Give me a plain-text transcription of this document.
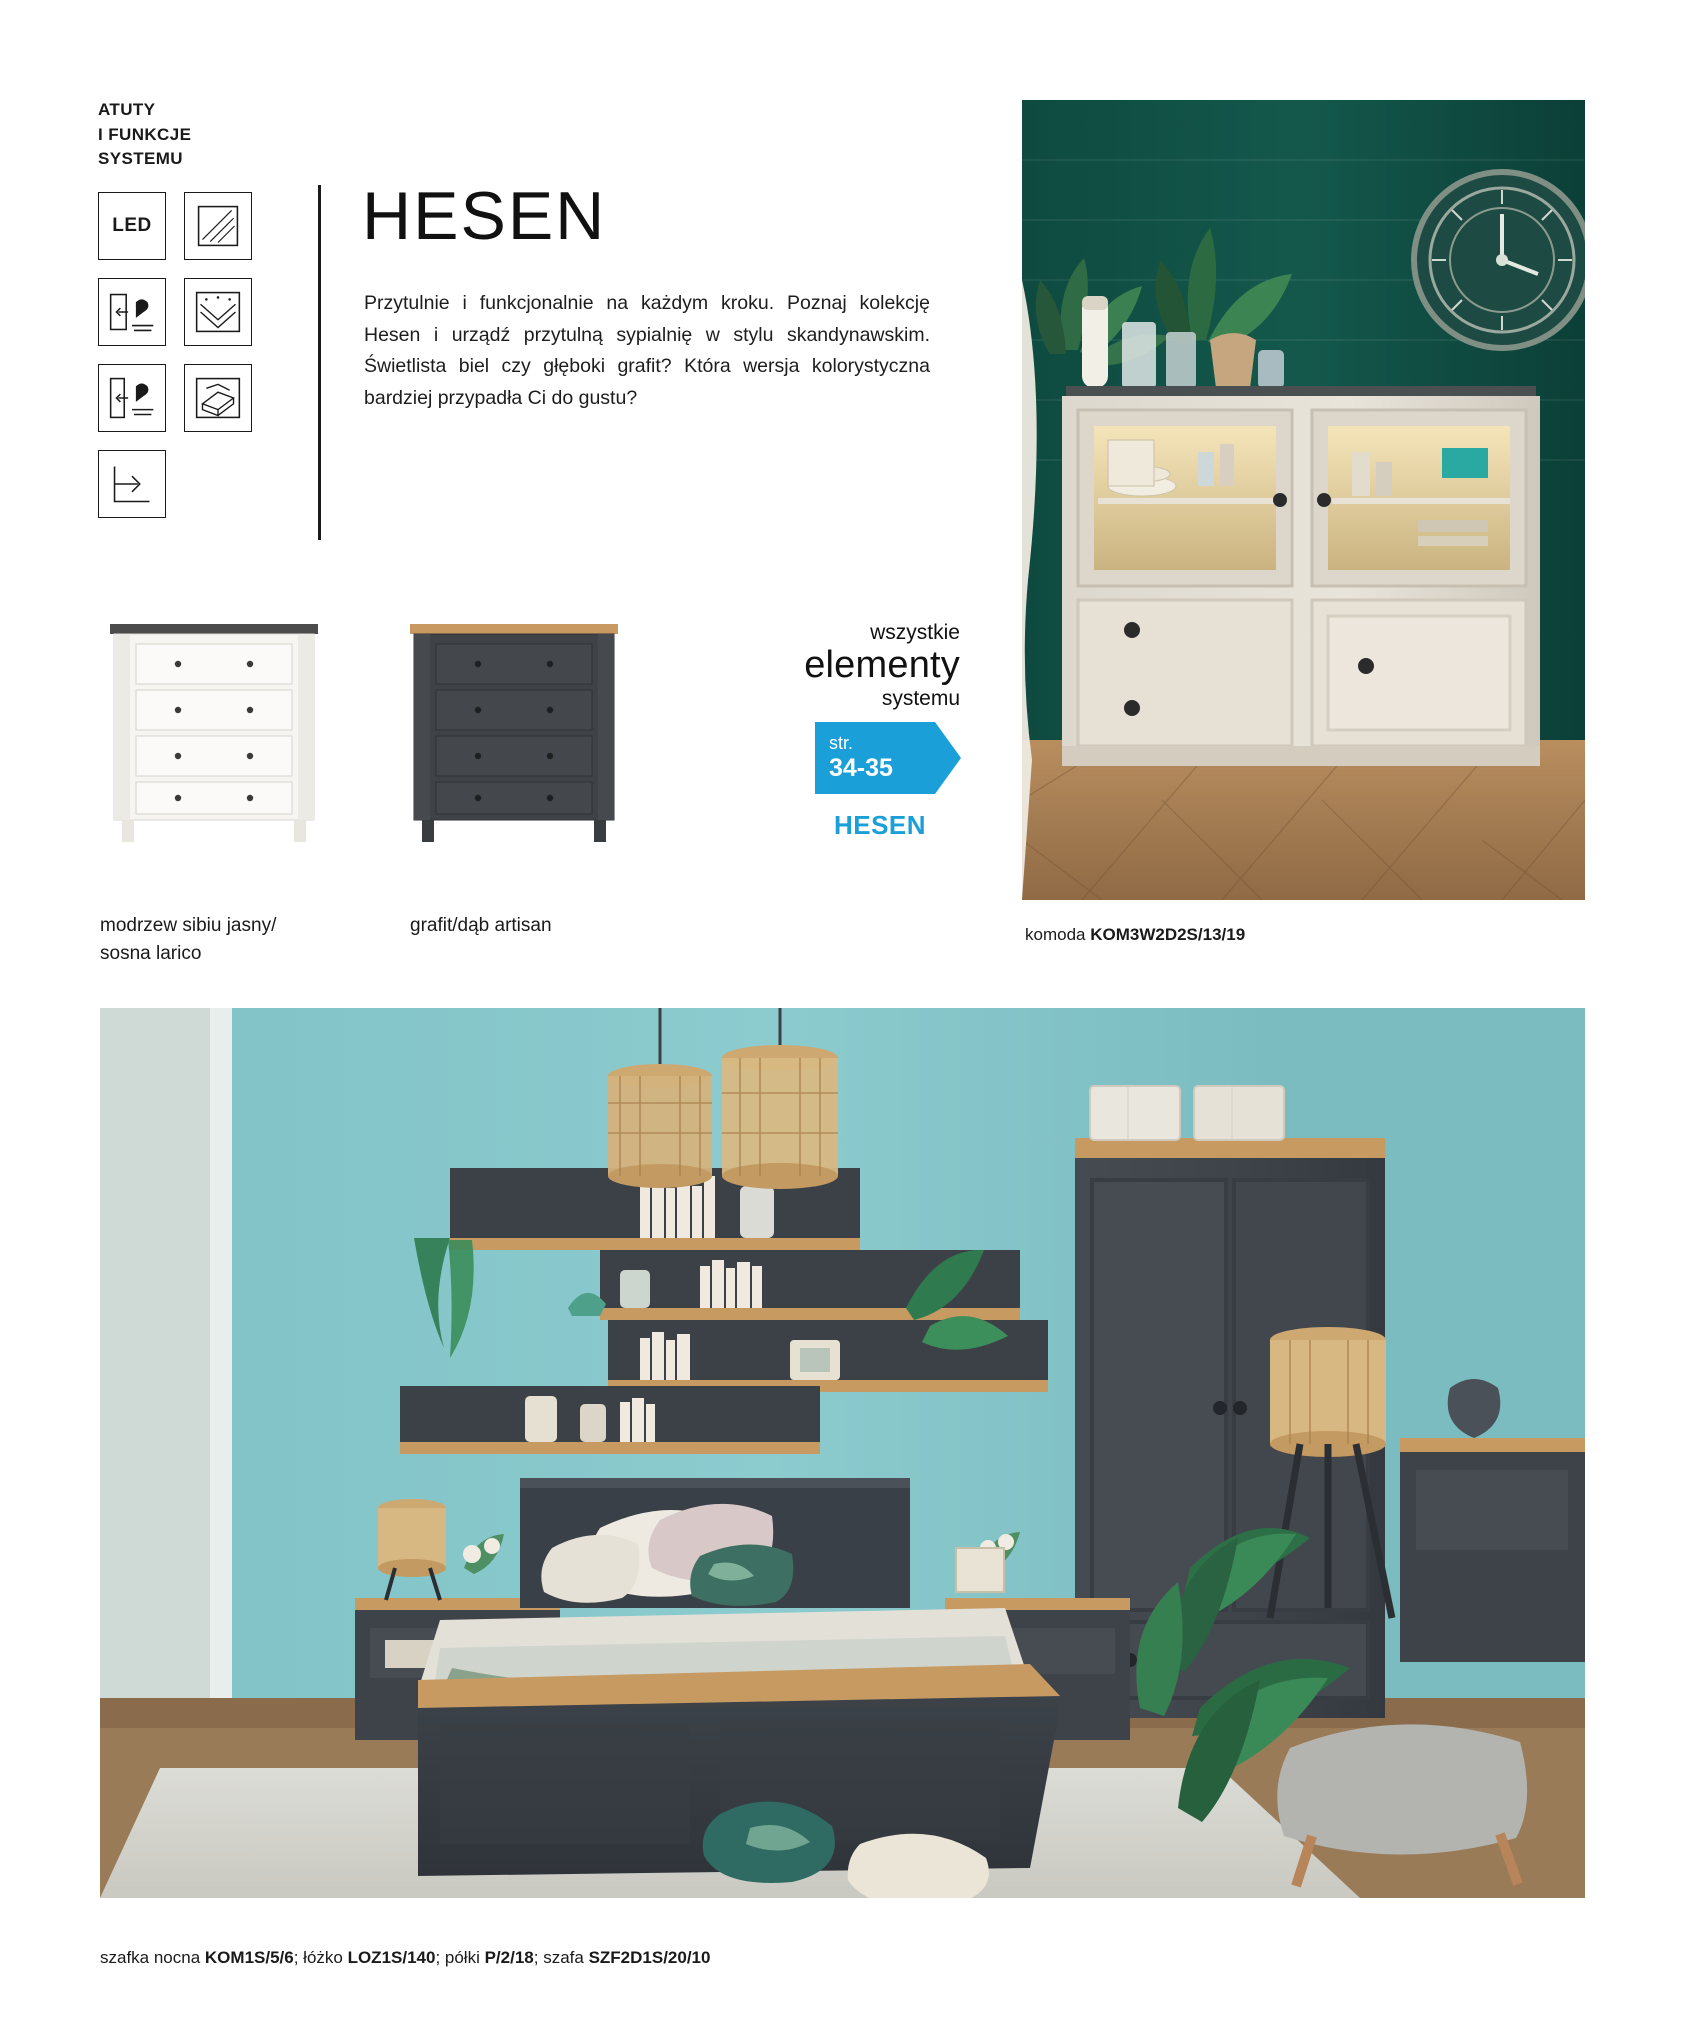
ATUTY
I FUNKCJE
SYSTEMU
LED	HESEN
Przytulnie i funkcjonalnie na każdym kroku. Poznaj kolekcję Hesen i urządź przytulną sypialnię w stylu skandynawskim. Świetlista biel czy głęboki grafit? Która wersja kolorystyczna bardziej przypadła Ci do gustu?
modrzew sibiu jasny/
sosna larico
grafit/dąb artisan
wszystkie
elementy
systemu
str.
34-35
HESEN
komoda KOM3W2D2S/13/19
szafka nocna KOM1S/5/6; łóżko LOZ1S/140; półki P/2/18; szafa SZF2D1S/20/10
